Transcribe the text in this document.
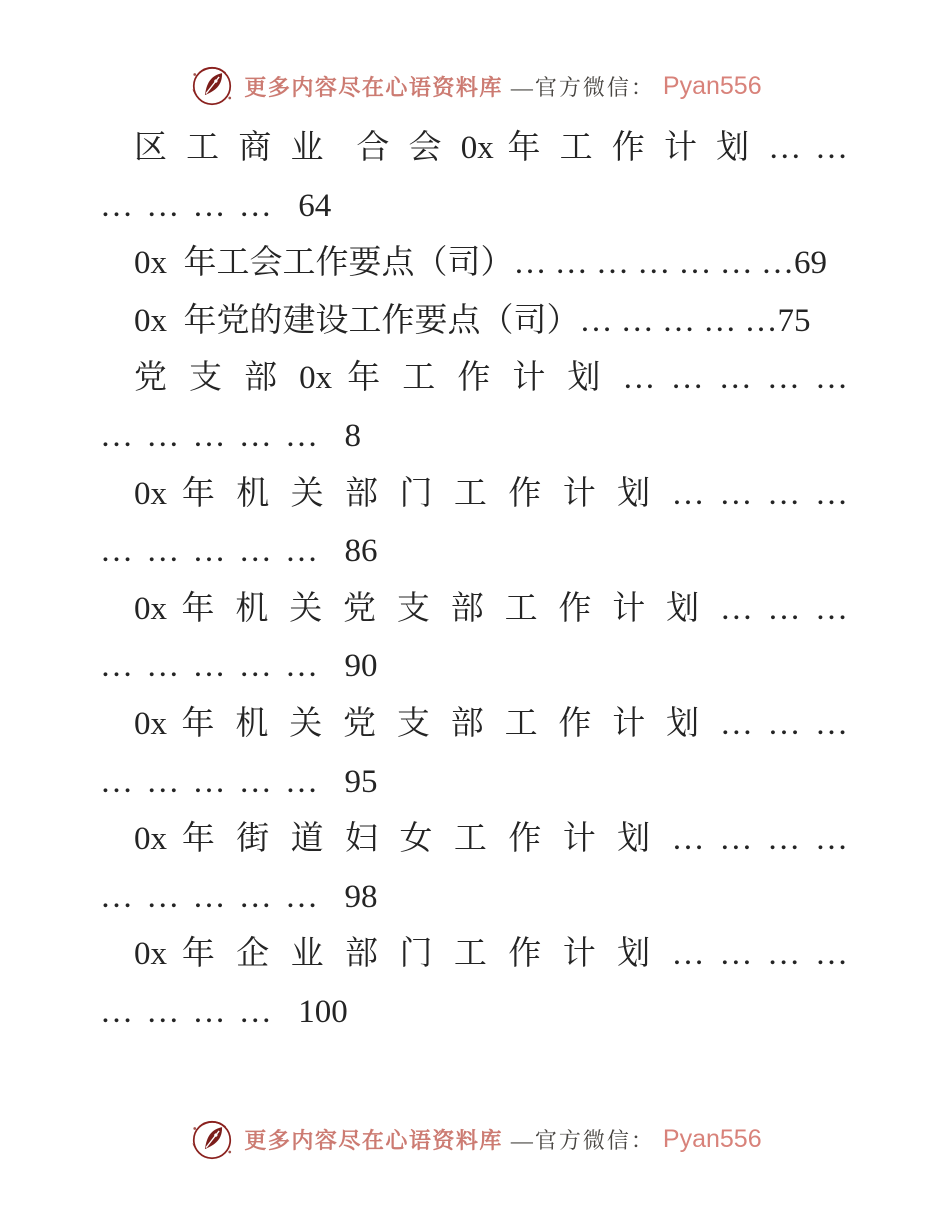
更多内容尽在心语资料库 —官方微信： Pyan556
区 工 商 业  合 会 0x 年 工 作 计 划 … …
… … … …  64
0x  年工会工作要点（司）… … … … … … …69
0x  年党的建设工作要点（司）… … … … …75
党 支 部 0x 年 工 作 计 划 … … … … …
… … … … …  8
0x 年 机 关 部 门 工 作 计 划 … … … …
… … … … …  86
0x 年 机 关 党 支 部 工 作 计 划 … … …
… … … … …  90
0x 年 机 关 党 支 部 工 作 计 划 … … …
… … … … …  95
0x 年 街 道 妇 女 工 作 计 划 … … … …
… … … … …  98
0x 年 企 业 部 门 工 作 计 划 … … … …
… … … …  100
更多内容尽在心语资料库 —官方微信： Pyan556
